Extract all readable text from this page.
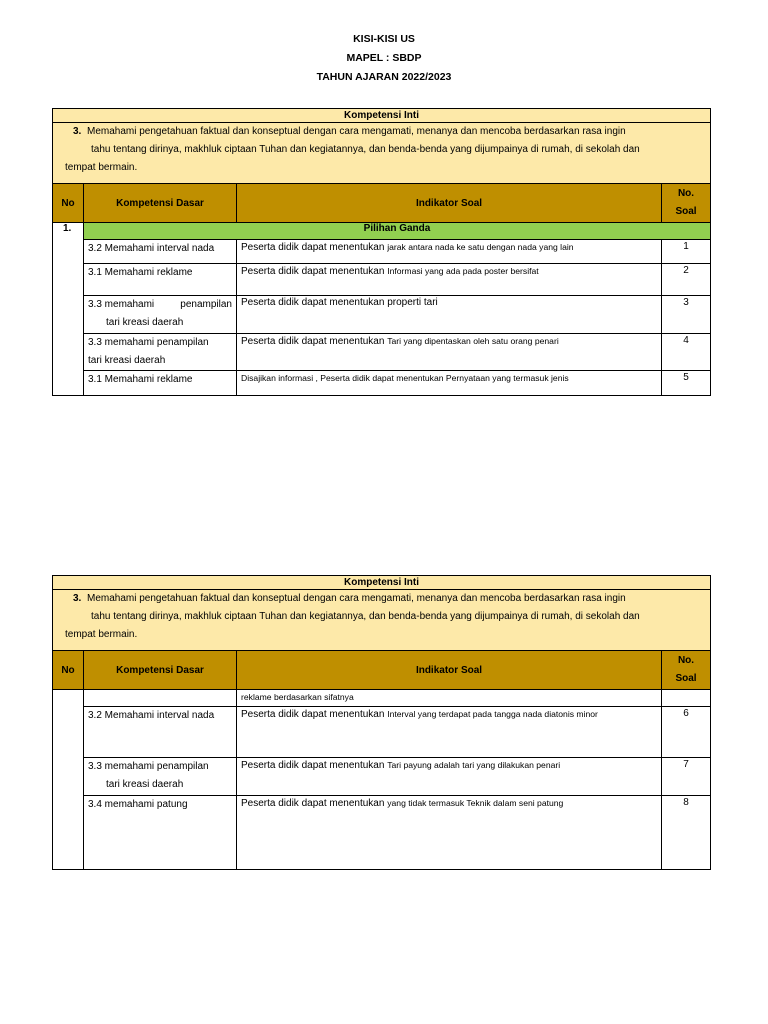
KISI-KISI US
MAPEL : SBDP
TAHUN AJARAN 2022/2023
Kompetensi Inti			
3. Memahami pengetahuan faktual dan konseptual dengan cara mengamati, menanya dan mencoba berdasarkan rasa ingin
tahu tentang dirinya, makhluk ciptaan Tuhan dan kegiatannya, dan benda-benda yang dijumpainya di rumah, di sekolah dan
tempat bermain.			

No	Kompetensi Dasar	Indikator Soal	No.
Soal

1.	Pilihan Ganda		
	3.2 Memahami interval nada	Peserta didik dapat menentukan jarak antara nada ke satu dengan nada yang lain	1
	3.1 Memahami reklame	Peserta didik dapat menentukan Informasi yang ada pada poster bersifat	2

	3.3 memahami penampilan
tari kreasi daerah	Peserta didik dapat menentukan properti tari	3

	3.3 memahami penampilan
tari kreasi daerah	Peserta didik dapat menentukan Tari yang dipentaskan oleh satu orang penari	4
	3.1 Memahami reklame	Disajikan informasi , Peserta didik dapat menentukan Pernyataan yang termasuk jenis	5
Kompetensi Inti			
3. Memahami pengetahuan faktual dan konseptual dengan cara mengamati, menanya dan mencoba berdasarkan rasa ingin
tahu tentang dirinya, makhluk ciptaan Tuhan dan kegiatannya, dan benda-benda yang dijumpainya di rumah, di sekolah dan
tempat bermain.			

No	Kompetensi Dasar	Indikator Soal	No.
Soal

		reklame berdasarkan sifatnya	
	3.2 Memahami interval nada	Peserta didik dapat menentukan Interval yang terdapat pada tangga nada diatonis minor	6

	3.3 memahami penampilan
tari kreasi daerah	Peserta didik dapat menentukan Tari payung adalah tari yang dilakukan penari	7
	3.4 memahami patung	Peserta didik dapat menentukan yang tidak termasuk Teknik dalam seni patung	8
